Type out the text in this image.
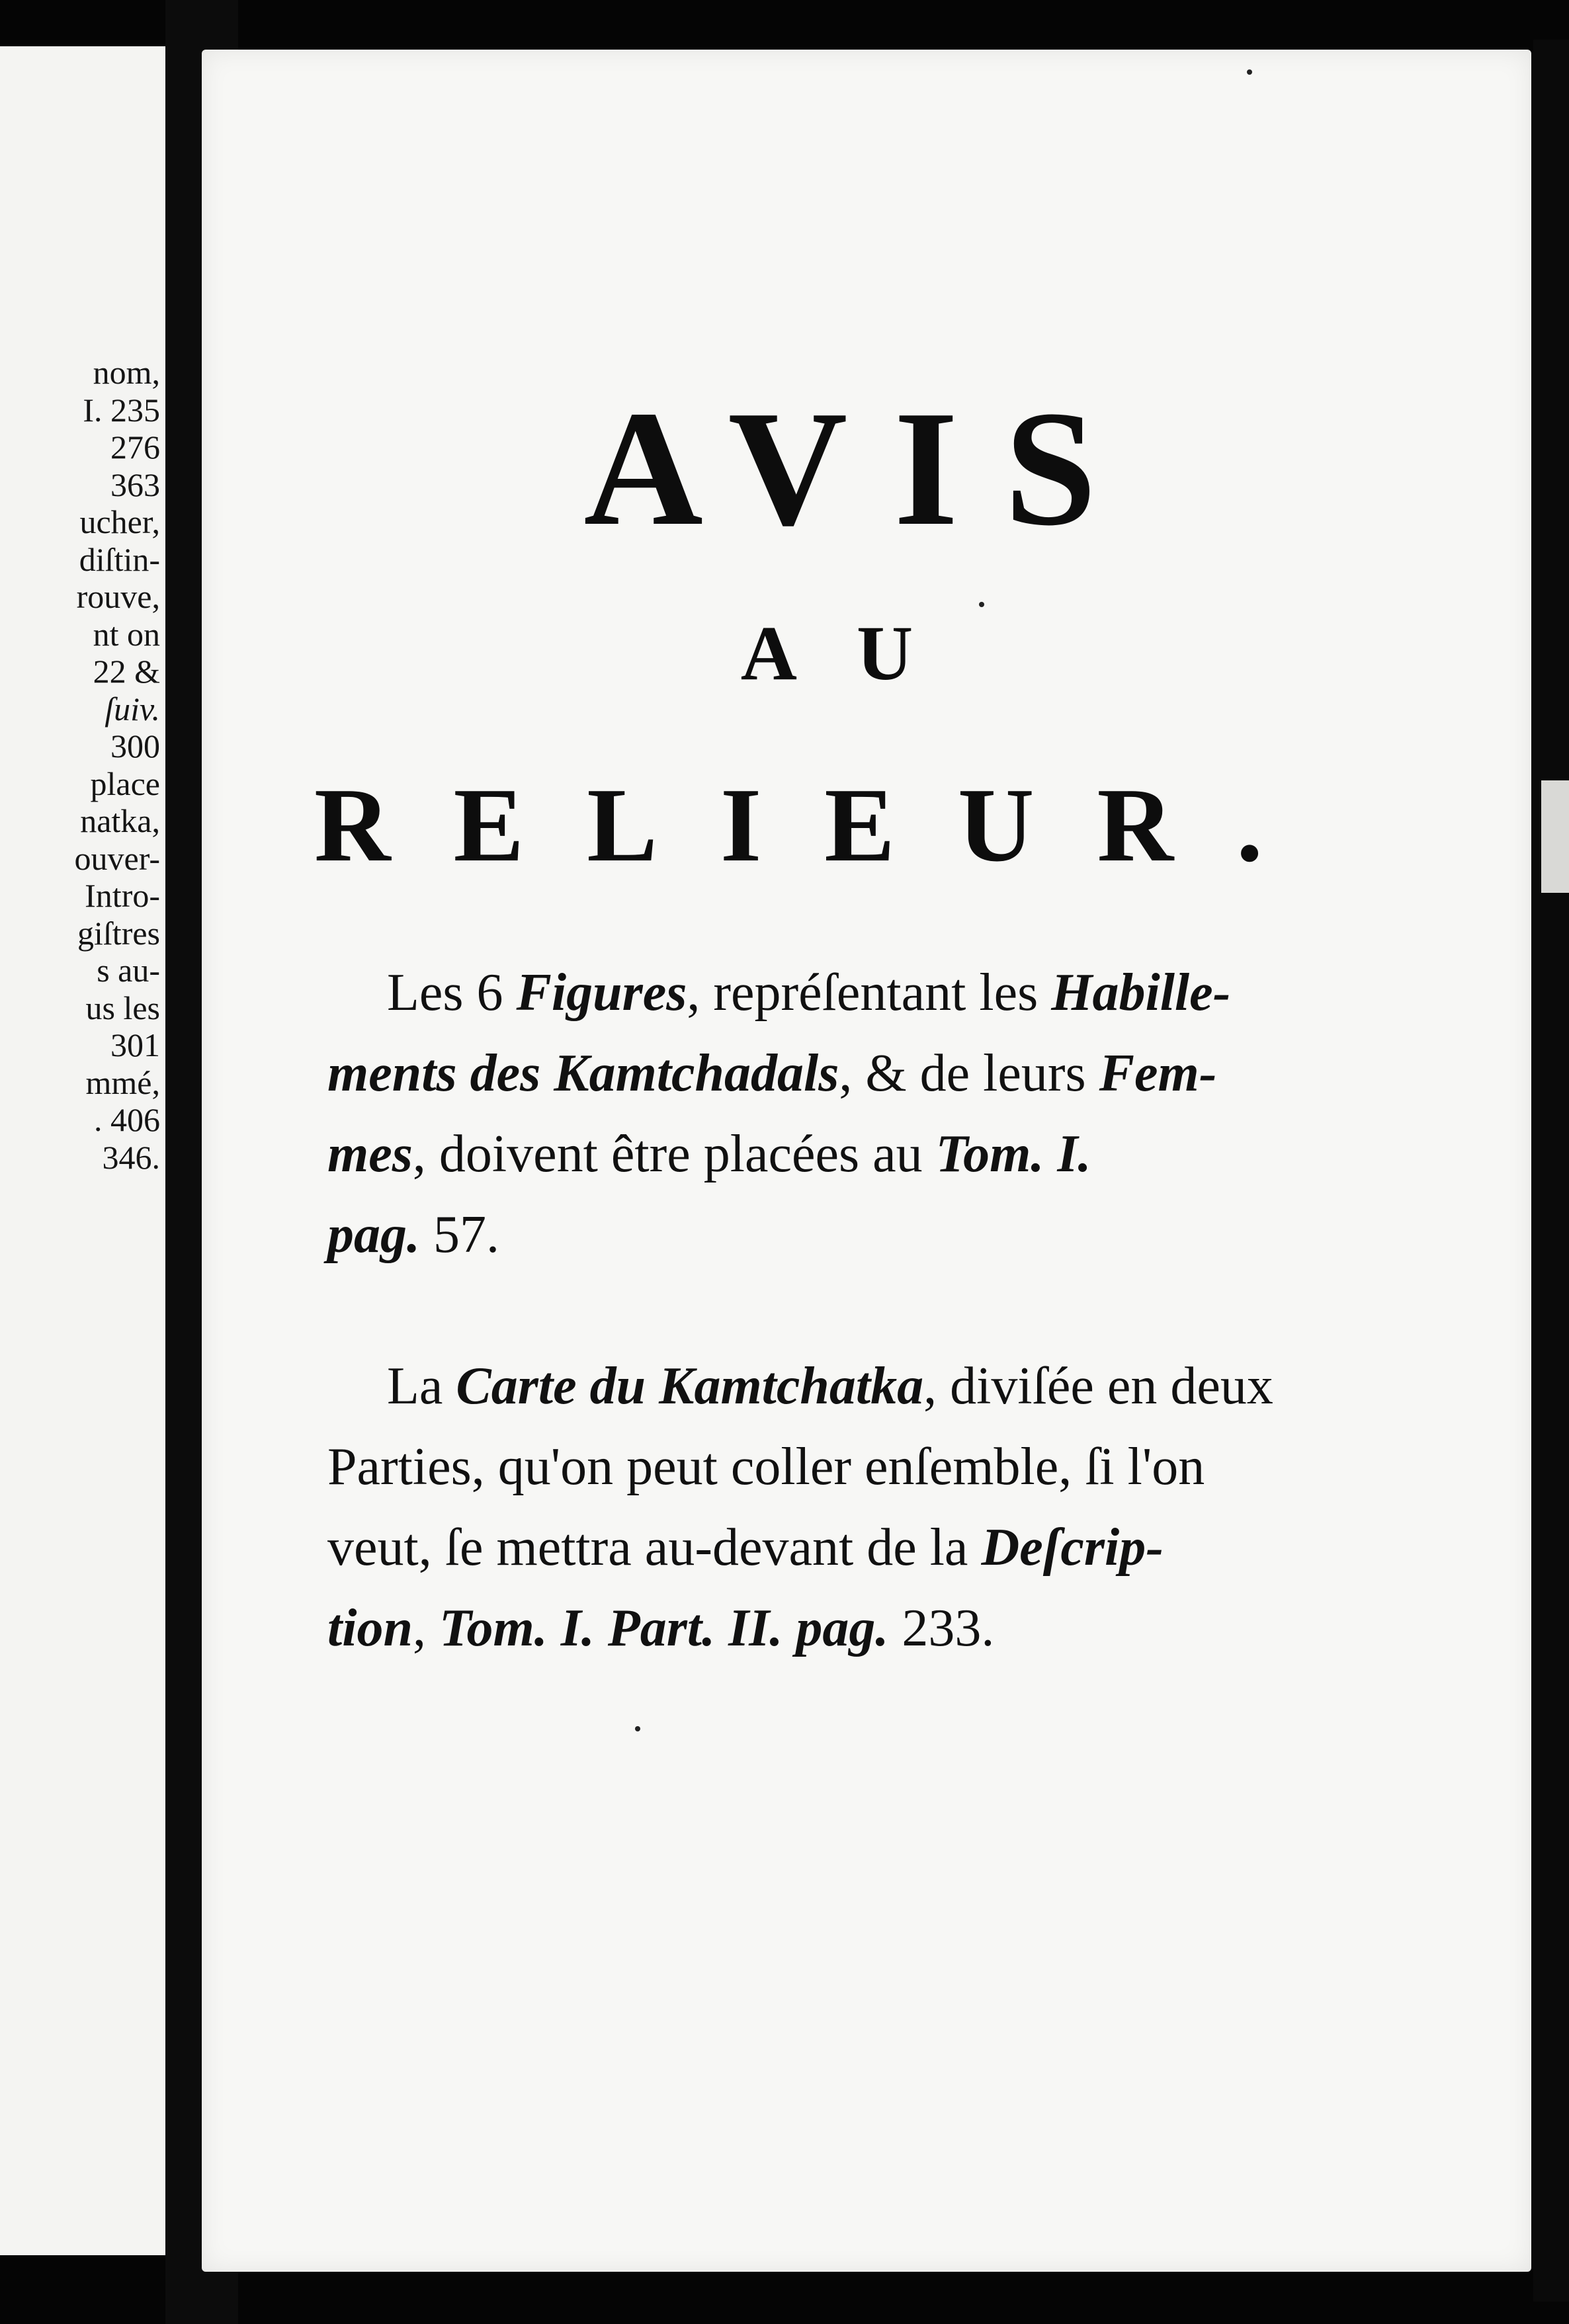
nom,
I. 235
276
363
ucher,
diſtin-
rouve,
nt on
22 &
ſuiv.
300
place
natka,
ouver-
Intro-
giſtres
s au-
us les
301
mmé,
. 406
346.
AVIS
AU
RELIEUR.
Les 6 Figures, repréſentant les Habille-
ments des Kamtchadals, & de leurs Fem-
mes, doivent être placées au Tom. I.
pag. 57.
La Carte du Kamtchatka, diviſée en deux
Parties, qu'on peut coller enſemble, ſi l'on
veut, ſe mettra au-devant de la Deſcrip-
tion, Tom. I. Part. II. pag. 233.
